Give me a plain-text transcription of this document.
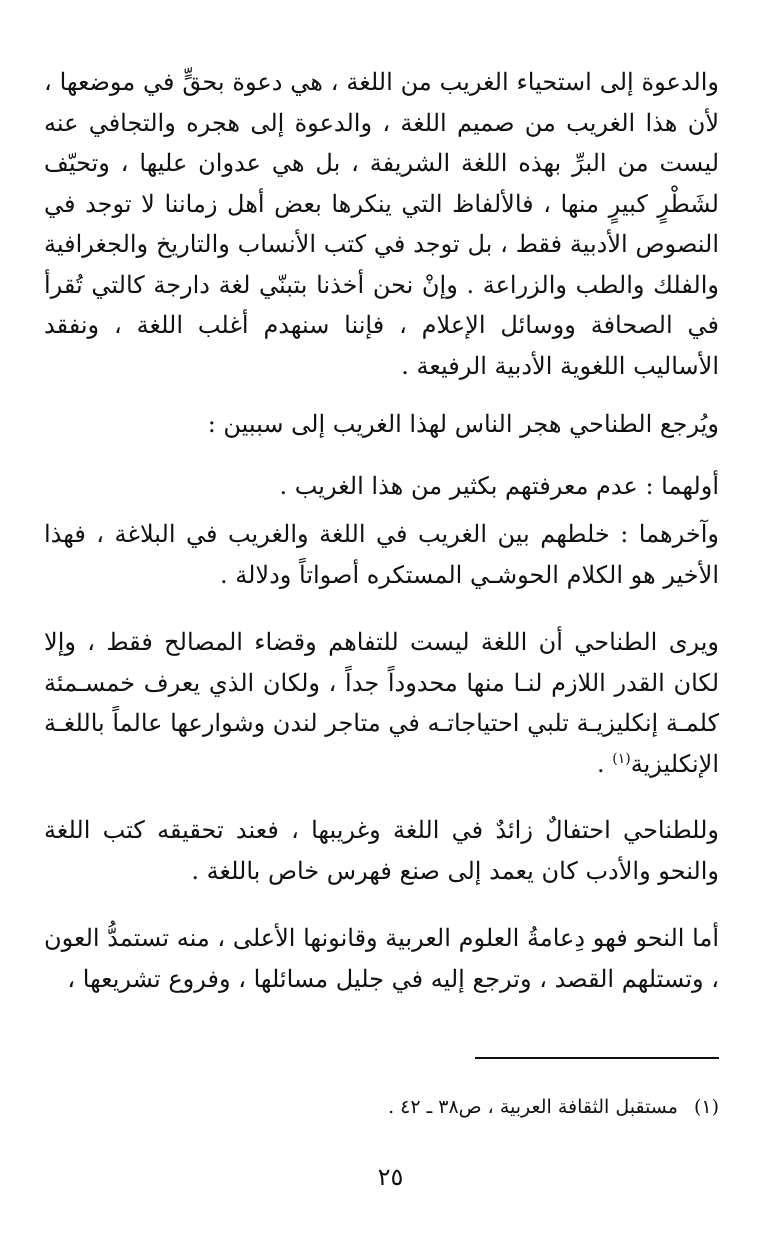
والدعوة إلى استحياء الغريب من اللغة ، هي دعوة بحقٍّ في موضعها ، لأن هذا الغريب من صميم اللغة ، والدعوة إلى هجره والتجافي عنه ليست من البرِّ بهذه اللغة الشريفة ، بل هي عدوان عليها ، وتحيّف لشَطْرٍ كبيرٍ منها ، فالألفاظ التي ينكرها بعض أهل زماننا لا توجد في النصوص الأدبية فقط ، بل توجد في كتب الأنساب والتاريخ والجغرافية والفلك والطب والزراعة . وإنْ نحن أخذنا بتبنّي لغة دارجة كالتي تُقرأ في الصحافة ووسائل الإعلام ، فإننا سنهدم أغلب اللغة ، ونفقد الأساليب اللغوية الأدبية الرفيعة .

ويُرجع الطناحي هجر الناس لهذا الغريب إلى سببين :

أولهما : عدم معرفتهم بكثير من هذا الغريب .

وآخرهما : خلطهم بين الغريب في اللغة والغريب في البلاغة ، فهذا الأخير هو الكلام الحوشـي المستكره أصواتاً ودلالة .

ويرى الطناحي أن اللغة ليست للتفاهم وقضاء المصالح فقط ، وإلا لكان القدر اللازم لنـا منها محدوداً جداً ، ولكان الذي يعرف خمسـمئة كلمـة إنكليزيـة تلبي احتياجاتـه في متاجر لندن وشوارعها عالماً باللغـة الإنكليزية$^{(١)}$ .

وللطناحي احتفالٌ زائدٌ في اللغة وغريبها ، فعند تحقيقه كتب اللغة والنحو والأدب كان يعمد إلى صنع فهرس خاص باللغة .

أما النحو فهو دِعامةُ العلوم العربية وقانونها الأعلى ، منه تستمدُّ العون ، وتستلهم القصد ، وترجع إليه في جليل مسائلها ، وفروع تشريعها ،

(١)مستقبل الثقافة العربية ، ص٣٨ ـ ٤٢ .
٢٥
